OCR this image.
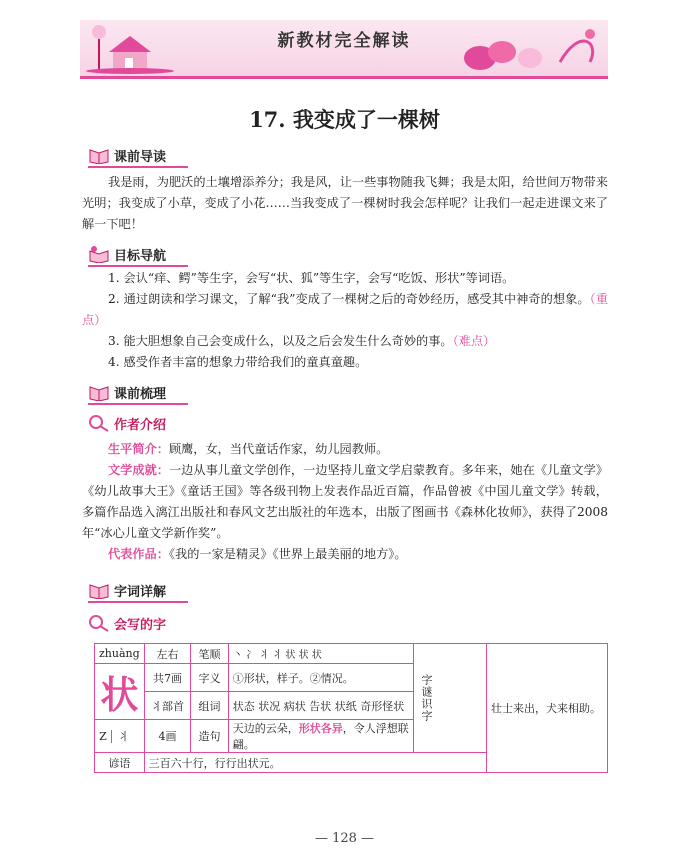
新教材完全解读
17. 我变成了一棵树
课前导读
我是雨，为肥沃的土壤增添养分；我是风，让一些事物随我飞舞；我是太阳，给世间万物带来光明；我变成了小草，变成了小花……当我变成了一棵树时我会怎样呢？让我们一起走进课文来了解一下吧！
目标导航
1. 会认“痒、鳄”等生字，会写“状、狐”等生字，会写“吃饭、形状”等词语。
2. 通过朗读和学习课文，了解“我”变成了一棵树之后的奇妙经历，感受其中神奇的想象。（重点）
3. 能大胆想象自己会变成什么，以及之后会发生什么奇妙的事。（难点）
4. 感受作者丰富的想象力带给我们的童真童趣。
课前梳理
作者介绍
生平简介：顾鹰，女，当代童话作家，幼儿园教师。
文学成就：一边从事儿童文学创作，一边坚持儿童文学启蒙教育。多年来，她在《儿童文学》《幼儿故事大王》《童话王国》等各级刊物上发表作品近百篇，作品曾被《中国儿童文学》转载，多篇作品选入漓江出版社和春风文艺出版社的年选本，出版了图画书《森林化妆师》，获得了2008年“冰心儿童文学新作奖”。
代表作品：《我的一家是精灵》《世界上最美丽的地方》。
字词详解
会写的字
zhuàng	左右	笔顺	丶 冫 丬 丬 状 状 状	字谜识字	壮士来出，犬来相助。
状	共7画	字义	①形状，样子。②情况。		
	丬部首	组词	状态 状况 病状 告状 状纸 奇形怪状		
Z 丬	4画	造句	天边的云朵，形状各异，令人浮想联翩。		
谚语	三百六十行，行行出状元。				
— 128 —
